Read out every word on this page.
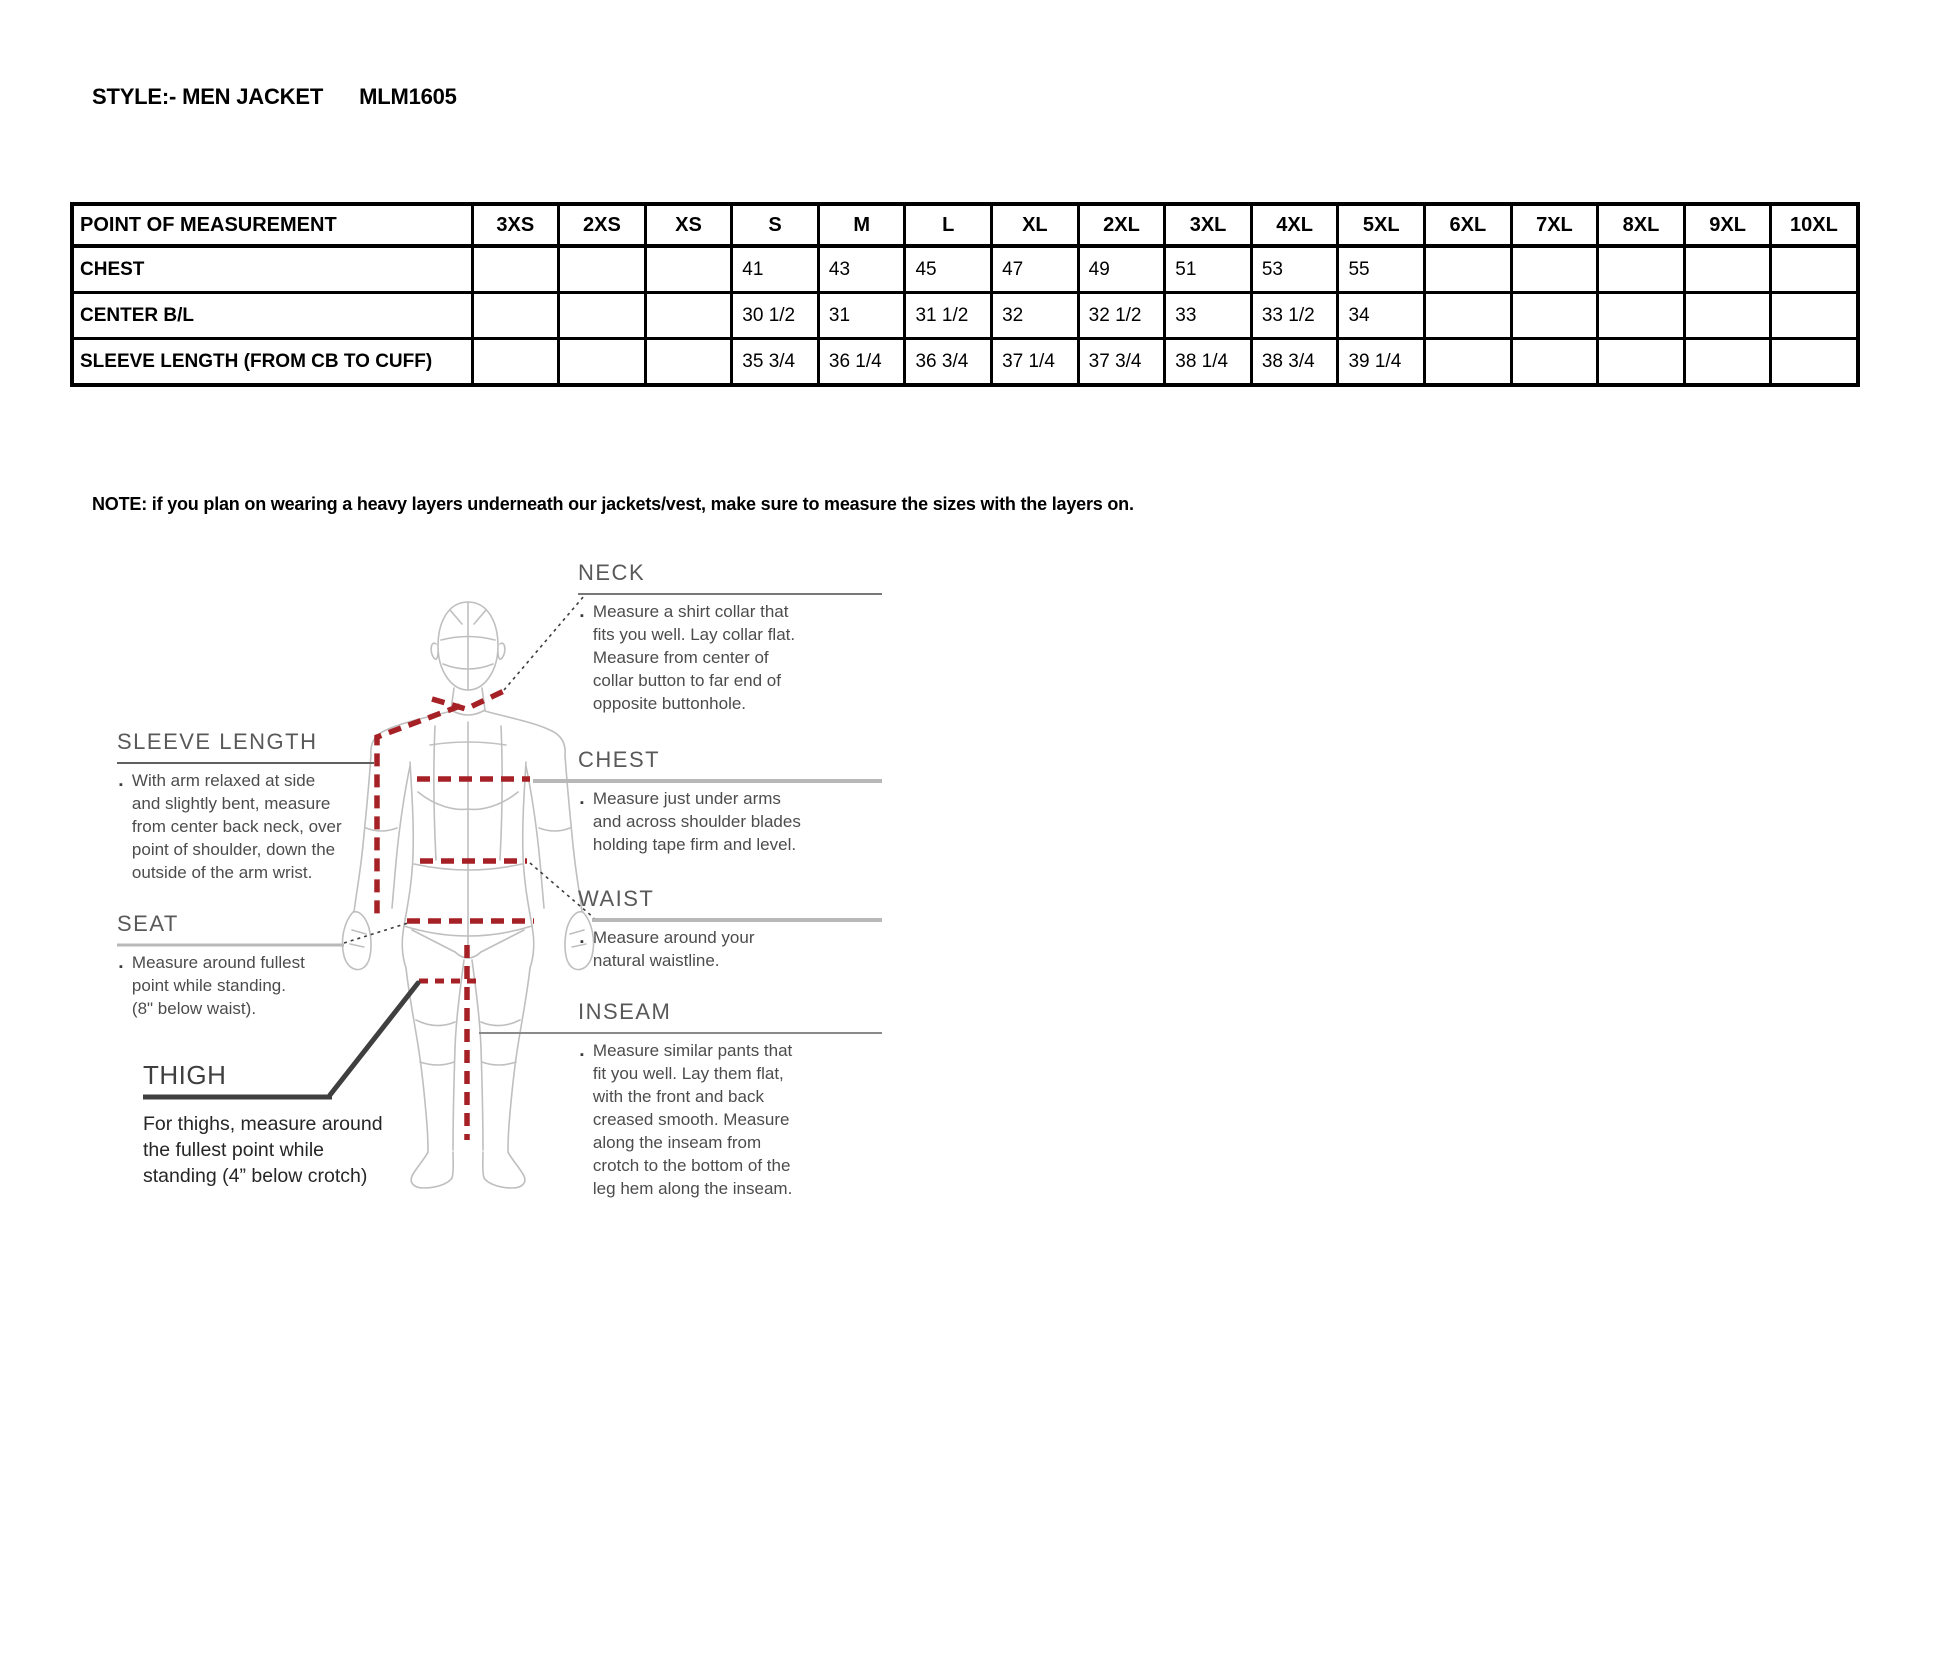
STYLE:- MEN JACKET MLM1605
POINT OF MEASUREMENT	3XS	2XS	XS	S	M	L	XL	2XL	3XL	4XL	5XL	6XL	7XL	8XL	9XL	10XL
CHEST				41	43	45	47	49	51	53	55					
CENTER B/L				30 1/2	31	31 1/2	32	32 1/2	33	33 1/2	34					
SLEEVE LENGTH (FROM CB TO CUFF)				35 3/4	36 1/4	36 3/4	37 1/4	37 3/4	38 1/4	38 3/4	39 1/4					
NOTE: if you plan on wearing a heavy layers underneath our jackets/vest, make sure to measure the sizes with the layers on.
NECK
▪ Measure a shirt collar that
fits you well. Lay collar flat.
Measure from center of
collar button to far end of
opposite buttonhole.
CHEST
▪ Measure just under arms
and across shoulder blades
holding tape firm and level.
WAIST
▪ Measure around your
natural waistline.
INSEAM
▪ Measure similar pants that
fit you well. Lay them flat,
with the front and back
creased smooth. Measure
along the inseam from
crotch to the bottom of the
leg hem along the inseam.
SLEEVE LENGTH
▪ With arm relaxed at side
and slightly bent, measure
from center back neck, over
point of shoulder, down the
outside of the arm wrist.
SEAT
▪ Measure around fullest
point while standing.
(8" below waist).
THIGH
For thighs, measure around
the fullest point while
standing (4” below crotch)
